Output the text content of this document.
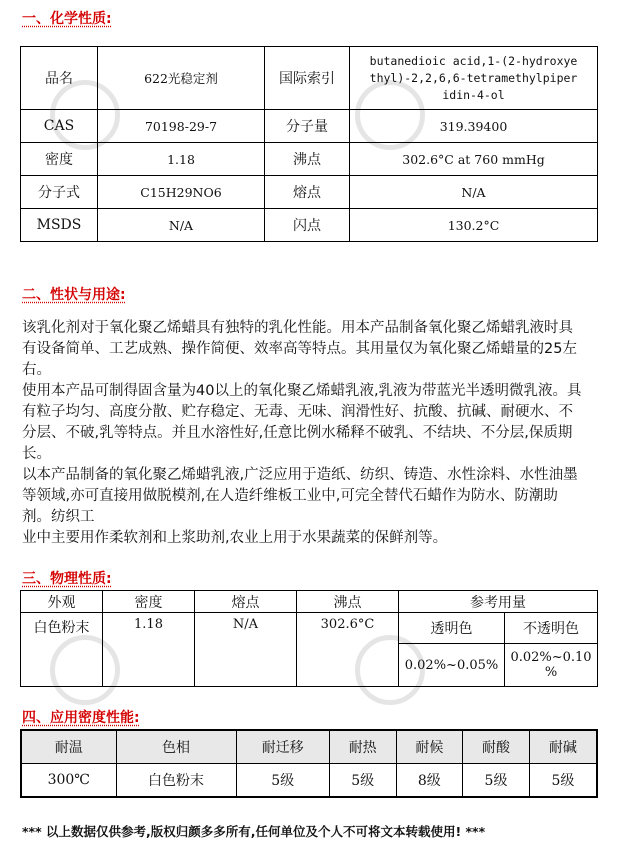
一、化学性质:
品名	622光稳定剂	国际索引	butanedioic acid,1-(2-hydroxye
thyl)-2,2,6,6-tetramethylpiper
idin-4-ol

CAS	70198-29-7	分子量	319.39400
密度	1.18	沸点	302.6°C at 760 mmHg
分子式	C15H29NO6	熔点	N/A
MSDS	N/A	闪点	130.2°C
二、性状与用途:

该乳化剂对于氧化聚乙烯蜡具有独特的乳化性能。用本产品制备氧化聚乙烯蜡乳液时具有设备简单、工艺成熟、操作简便、效率高等特点。其用量仅为氧化聚乙烯蜡量的25左右。

使用本产品可制得固含量为40以上的氧化聚乙烯蜡乳液,乳液为带蓝光半透明微乳液。具有粒子均匀、高度分散、贮存稳定、无毒、无味、润滑性好、抗酸、抗碱、耐硬水、不分层、不破,乳等特点。并且水溶性好,任意比例水稀释不破乳、不结块、不分层,保质期长。

以本产品制备的氧化聚乙烯蜡乳液,广泛应用于造纸、纺织、铸造、水性涂料、水性油墨等领域,亦可直接用做脱模剂,在人造纤维板工业中,可完全替代石蜡作为防水、防潮助剂。纺织工

业中主要用作柔软剂和上浆助剂,农业上用于水果蔬菜的保鲜剂等。

三、物理性质:
外观	密度	熔点	沸点	参考用量	
白色粉末	1.18	N/A	302.6°C	透明色	不透明色
				0.02%~0.05%	0.02%~0.10
%
四、应用密度性能:
耐温	色相	耐迁移	耐热	耐候	耐酸	耐碱
300℃	白色粉末	5级	5级	8级	5级	5级
*** 以上数据仅供参考,版权归颜多多所有,任何单位及个人不可将文本转载使用! ***
